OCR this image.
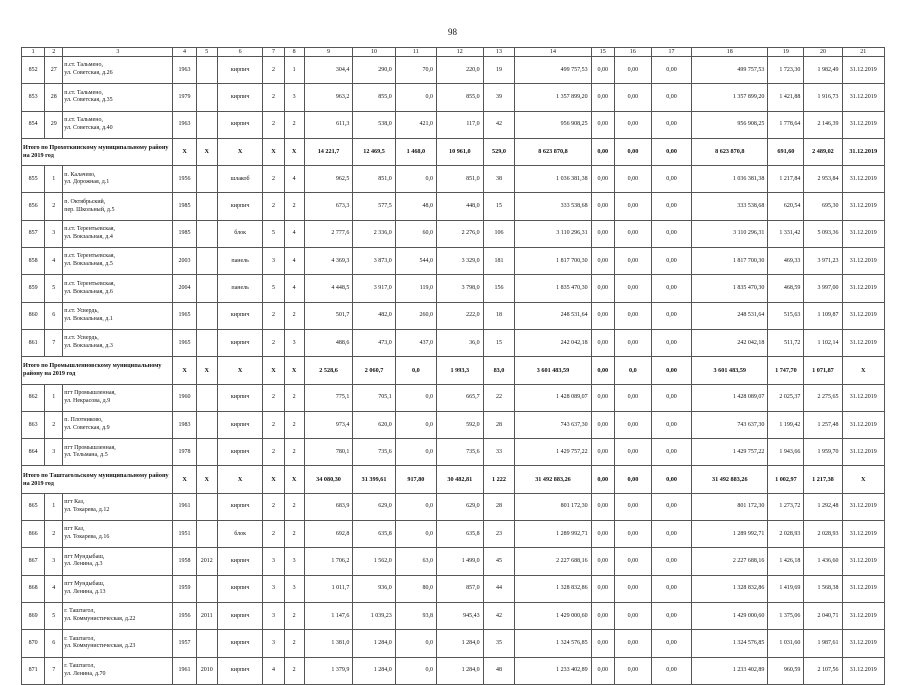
98
1	2	3	4	5	6	7	8	9	10	11	12	13	14	15	16	17	18	19	20	21
852	27	п.ст. Тальмено,
ул. Советская, д.26	1963		кирпич	2	1	304,4	290,0	70,0	220,0	19	499 757,53	0,00	0,00	0,00	499 757,53	1 723,30	1 982,49	31.12.2019
853	28	п.ст. Тальмено,
ул. Советская, д.35	1979		кирпич	2	3	963,2	855,0	0,0	855,0	39	1 357 899,20	0,00	0,00	0,00	1 357 899,20	1 421,88	1 916,73	31.12.2019
854	29	п.ст. Тальмено,
ул. Советская, д.40	1963		кирпич	2	2	611,3	538,0	421,0	117,0	42	956 908,25	0,00	0,00	0,00	956 908,25	1 778,64	2 146,39	31.12.2019
Итого по Прохоткинскому муниципальному району на 2019 год			X	X	X	X	X	14 221,7	12 469,5	1 468,0	10 961,0	529,0	8 623 870,8	0,00	0,00	0,00	8 623 870,8	691,60	2 489,02	31.12.2019
855	1	п. Калачево,
ул. Дорожная, д.1	1956		шлакоб	2	4	962,5	851,0	0,0	851,0	38	1 036 381,38	0,00	0,00	0,00	1 036 381,38	1 217,84	2 953,84	31.12.2019
856	2	п. Октябрьский,
пер. Школьный, д.5	1985		кирпич	2	2	673,3	577,5	48,0	448,0	15	333 538,68	0,00	0,00	0,00	333 538,68	620,54	695,30	31.12.2019
857	3	п.ст. Терентьевская,
ул. Вокзальная, д.4	1985		блок	5	4	2 777,6	2 336,0	60,0	2 276,0	106	3 110 296,31	0,00	0,00	0,00	3 110 296,31	1 331,42	5 093,36	31.12.2019
858	4	п.ст. Терентьевская,
ул. Вокзальная, д.5	2003		панель	3	4	4 369,3	3 873,0	544,0	3 329,0	181	1 817 700,30	0,00	0,00	0,00	1 817 700,30	469,33	3 971,23	31.12.2019
859	5	п.ст. Терентьевская,
ул. Вокзальная, д.6	2004		панель	5	4	4 448,5	3 917,0	119,0	3 798,0	156	1 835 470,30	0,00	0,00	0,00	1 835 470,30	468,59	3 997,00	31.12.2019
860	6	п.ст. Усвердь,
ул. Вокзальная, д.1	1965		кирпич	2	2	501,7	482,0	260,0	222,0	18	248 531,64	0,00	0,00	0,00	248 531,64	515,63	1 109,87	31.12.2019
861	7	п.ст. Усвердь,
ул. Вокзальная, д.3	1965		кирпич	2	3	488,6	473,0	437,0	36,0	15	242 042,18	0,00	0,00	0,00	242 042,18	511,72	1 102,14	31.12.2019
Итого по Промышленновскому муниципальному району на 2019 год			X	X	X	X	X	2 528,6	2 060,7	0,0	1 993,3	83,0	3 601 483,59	0,00	0,0	0,00	3 601 483,59	1 747,70	1 071,87	X
862	1	пгт Промышленная,
ул. Некрасова, д.9	1960		кирпич	2	2	775,1	705,1	0,0	665,7	22	1 428 089,07	0,00	0,00	0,00	1 428 089,07	2 025,37	2 275,65	31.12.2019
863	2	п. Плотниково,
ул. Советская, д.9	1983		кирпич	2	2	973,4	620,0	0,0	592,0	28	743 637,30	0,00	0,00	0,00	743 637,30	1 199,42	1 257,48	31.12.2019
864	3	пгт Промышленная,
ул. Тельмана, д.5	1978		кирпич	2	2	780,1	735,6	0,0	735,6	33	1 429 757,22	0,00	0,00	0,00	1 429 757,22	1 943,66	1 959,70	31.12.2019
Итого по Таштагольскому муниципальному району на 2019 год			X	X	X	X	X	34 080,30	31 399,61	917,80	30 482,81	1 222	31 492 883,26	0,00	0,00	0,00	31 492 883,26	1 002,97	1 217,38	X
865	1	пгт Каз,
ул. Токарева, д.12	1961		кирпич	2	2	683,9	629,0	0,0	629,0	28	801 172,30	0,00	0,00	0,00	801 172,30	1 273,72	1 292,48	31.12.2019
866	2	пгт Каз,
ул. Токарева, д.16	1951		блок	2	2	692,8	635,8	0,0	635,8	23	1 289 992,71	0,00	0,00	0,00	1 289 992,71	2 028,93	2 028,93	31.12.2019
867	3	пгт Мундыбаш,
ул. Ленина, д.3	1958	2012	кирпич	3	3	1 706,2	1 562,0	63,0	1 499,0	45	2 227 688,16	0,00	0,00	0,00	2 227 688,16	1 426,18	1 436,60	31.12.2019
868	4	пгт Мундыбаш,
ул. Ленина, д.13	1959		кирпич	3	3	1 011,7	936,0	80,0	857,0	44	1 328 832,86	0,00	0,00	0,00	1 328 832,86	1 419,69	1 568,38	31.12.2019
869	5	г. Таштагол,
ул. Коммунистическая, д.22	1956	2011	кирпич	3	2	1 147,6	1 039,23	93,8	945,43	42	1 429 000,60	0,00	0,00	0,00	1 429 000,60	1 375,06	2 040,71	31.12.2019
870	6	г. Таштагол,
ул. Коммунистическая, д.23	1957		кирпич	3	2	1 381,0	1 284,0	0,0	1 284,0	35	1 324 576,85	0,00	0,00	0,00	1 324 576,85	1 031,60	1 987,61	31.12.2019
871	7	г. Таштагол,
ул. Ленина, д.70	1961	2010	кирпич	4	2	1 379,9	1 284,0	0,0	1 284,0	48	1 233 402,89	0,00	0,00	0,00	1 233 402,89	960,59	2 107,56	31.12.2019
